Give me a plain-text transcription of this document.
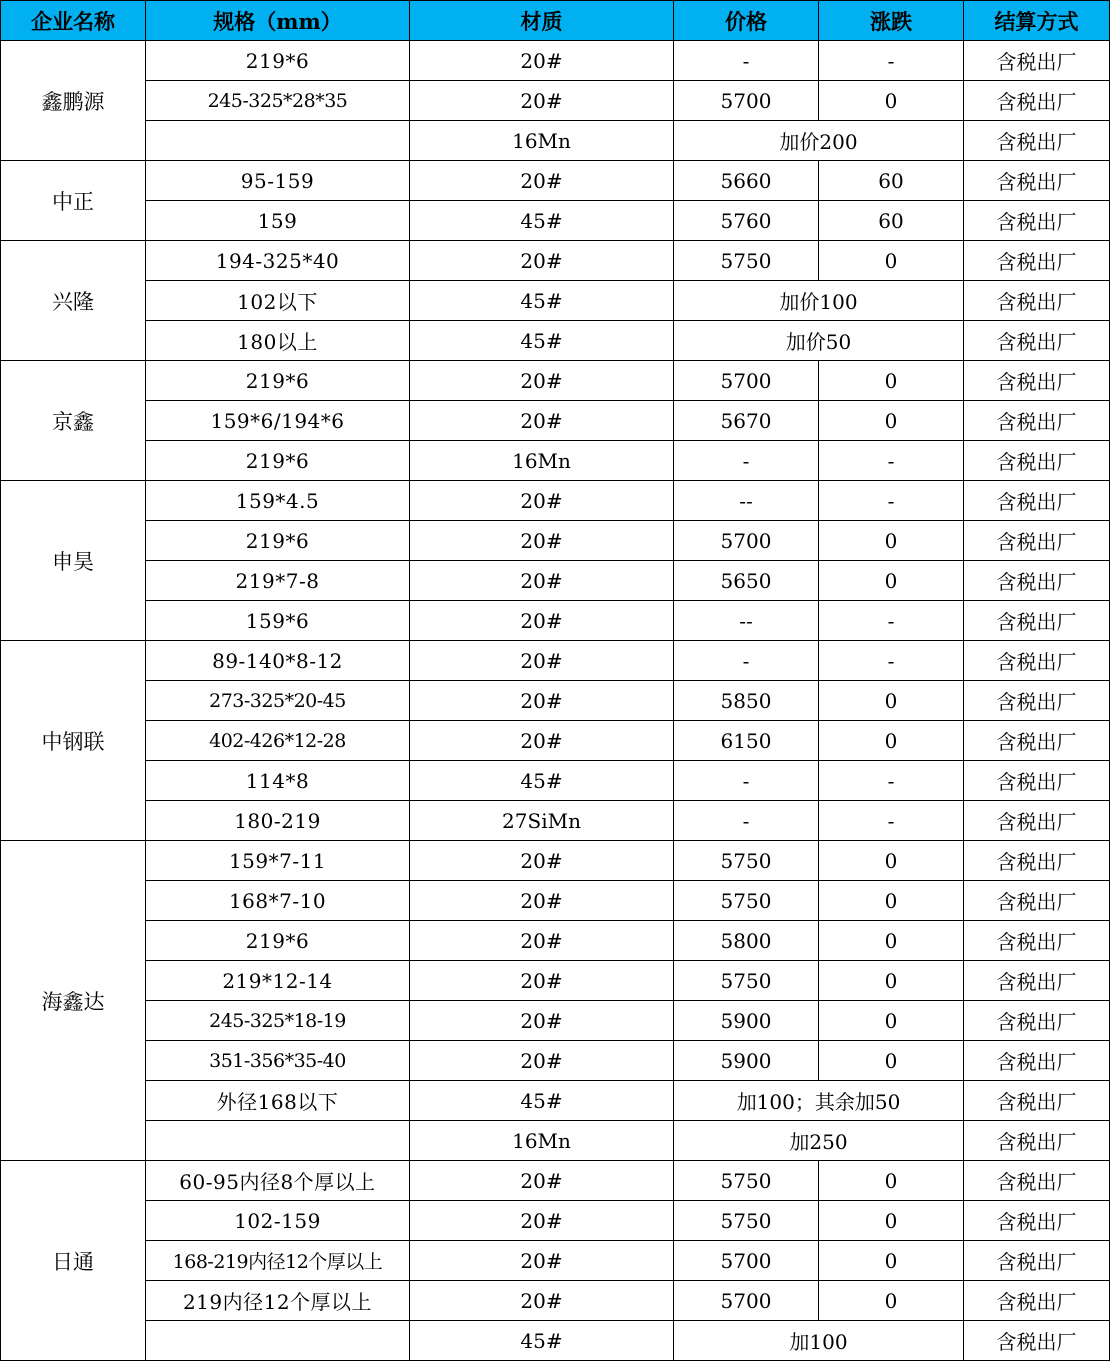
企业名称	规格（mm）	材质	价格	涨跌	结算方式
鑫鹏源	219*6	20#	-	-	含税出厂
	245-325*28*35	20#	5700	0	含税出厂
		16Mn	加价200		含税出厂
中正	95-159	20#	5660	60	含税出厂
	159	45#	5760	60	含税出厂
兴隆	194-325*40	20#	5750	0	含税出厂
	102以下	45#	加价100		含税出厂
	180以上	45#	加价50		含税出厂
京鑫	219*6	20#	5700	0	含税出厂
	159*6/194*6	20#	5670	0	含税出厂
	219*6	16Mn	-	-	含税出厂
申昊	159*4.5	20#	--	-	含税出厂
	219*6	20#	5700	0	含税出厂
	219*7-8	20#	5650	0	含税出厂
	159*6	20#	--	-	含税出厂
中钢联	89-140*8-12	20#	-	-	含税出厂
	273-325*20-45	20#	5850	0	含税出厂
	402-426*12-28	20#	6150	0	含税出厂
	114*8	45#	-	-	含税出厂
	180-219	27SiMn	-	-	含税出厂
海鑫达	159*7-11	20#	5750	0	含税出厂
	168*7-10	20#	5750	0	含税出厂
	219*6	20#	5800	0	含税出厂
	219*12-14	20#	5750	0	含税出厂
	245-325*18-19	20#	5900	0	含税出厂
	351-356*35-40	20#	5900	0	含税出厂
	外径168以下	45#	加100；其余加50		含税出厂
		16Mn	加250		含税出厂
日通	60-95内径8个厚以上	20#	5750	0	含税出厂
	102-159	20#	5750	0	含税出厂
	168-219内径12个厚以上	20#	5700	0	含税出厂
	219内径12个厚以上	20#	5700	0	含税出厂
		45#	加100		含税出厂
